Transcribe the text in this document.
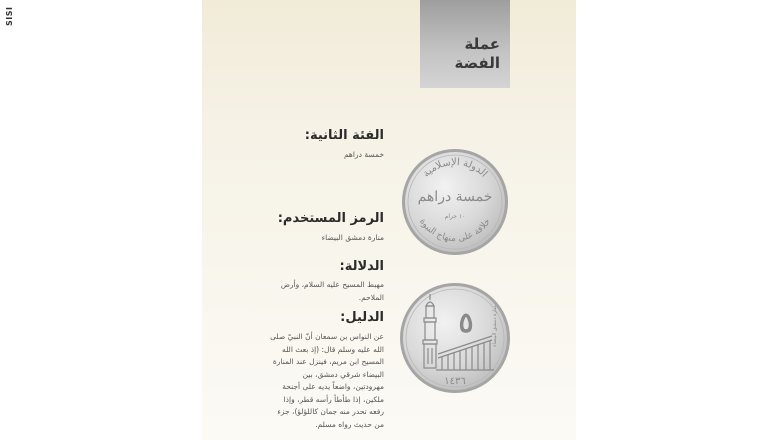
SISI
عملة
الفضة
الفئة الثانية:
خمسة دراهم
الرمز المستخدم:
منارة دمشق البيضاء
الدلالة:
مهبط المسيح عليه السلام، وأرض
الملاحم.
الدليل:
عن النواس بن سمعان أنّ النبيّ صلى
الله عليه وسلم قال: (إذ بعث الله
المسيح ابن مريم، فينزل عند المنارة
البيضاء شرقي دمشق، بين
مهرودتين، واضعاً يديه على أجنحة
ملكين، إذا طأطأ رأسه قطر، وإذا
رفعه تحدر منه جمان كاللؤلؤ)، جزء
من حديث رواه مسلم.
الدولة الإسلامية
خمسة دراهم
١٠ جرام
خلافة على منهاج النبوة
٥	منارة دمشق البيضاء
١٤٣٦
